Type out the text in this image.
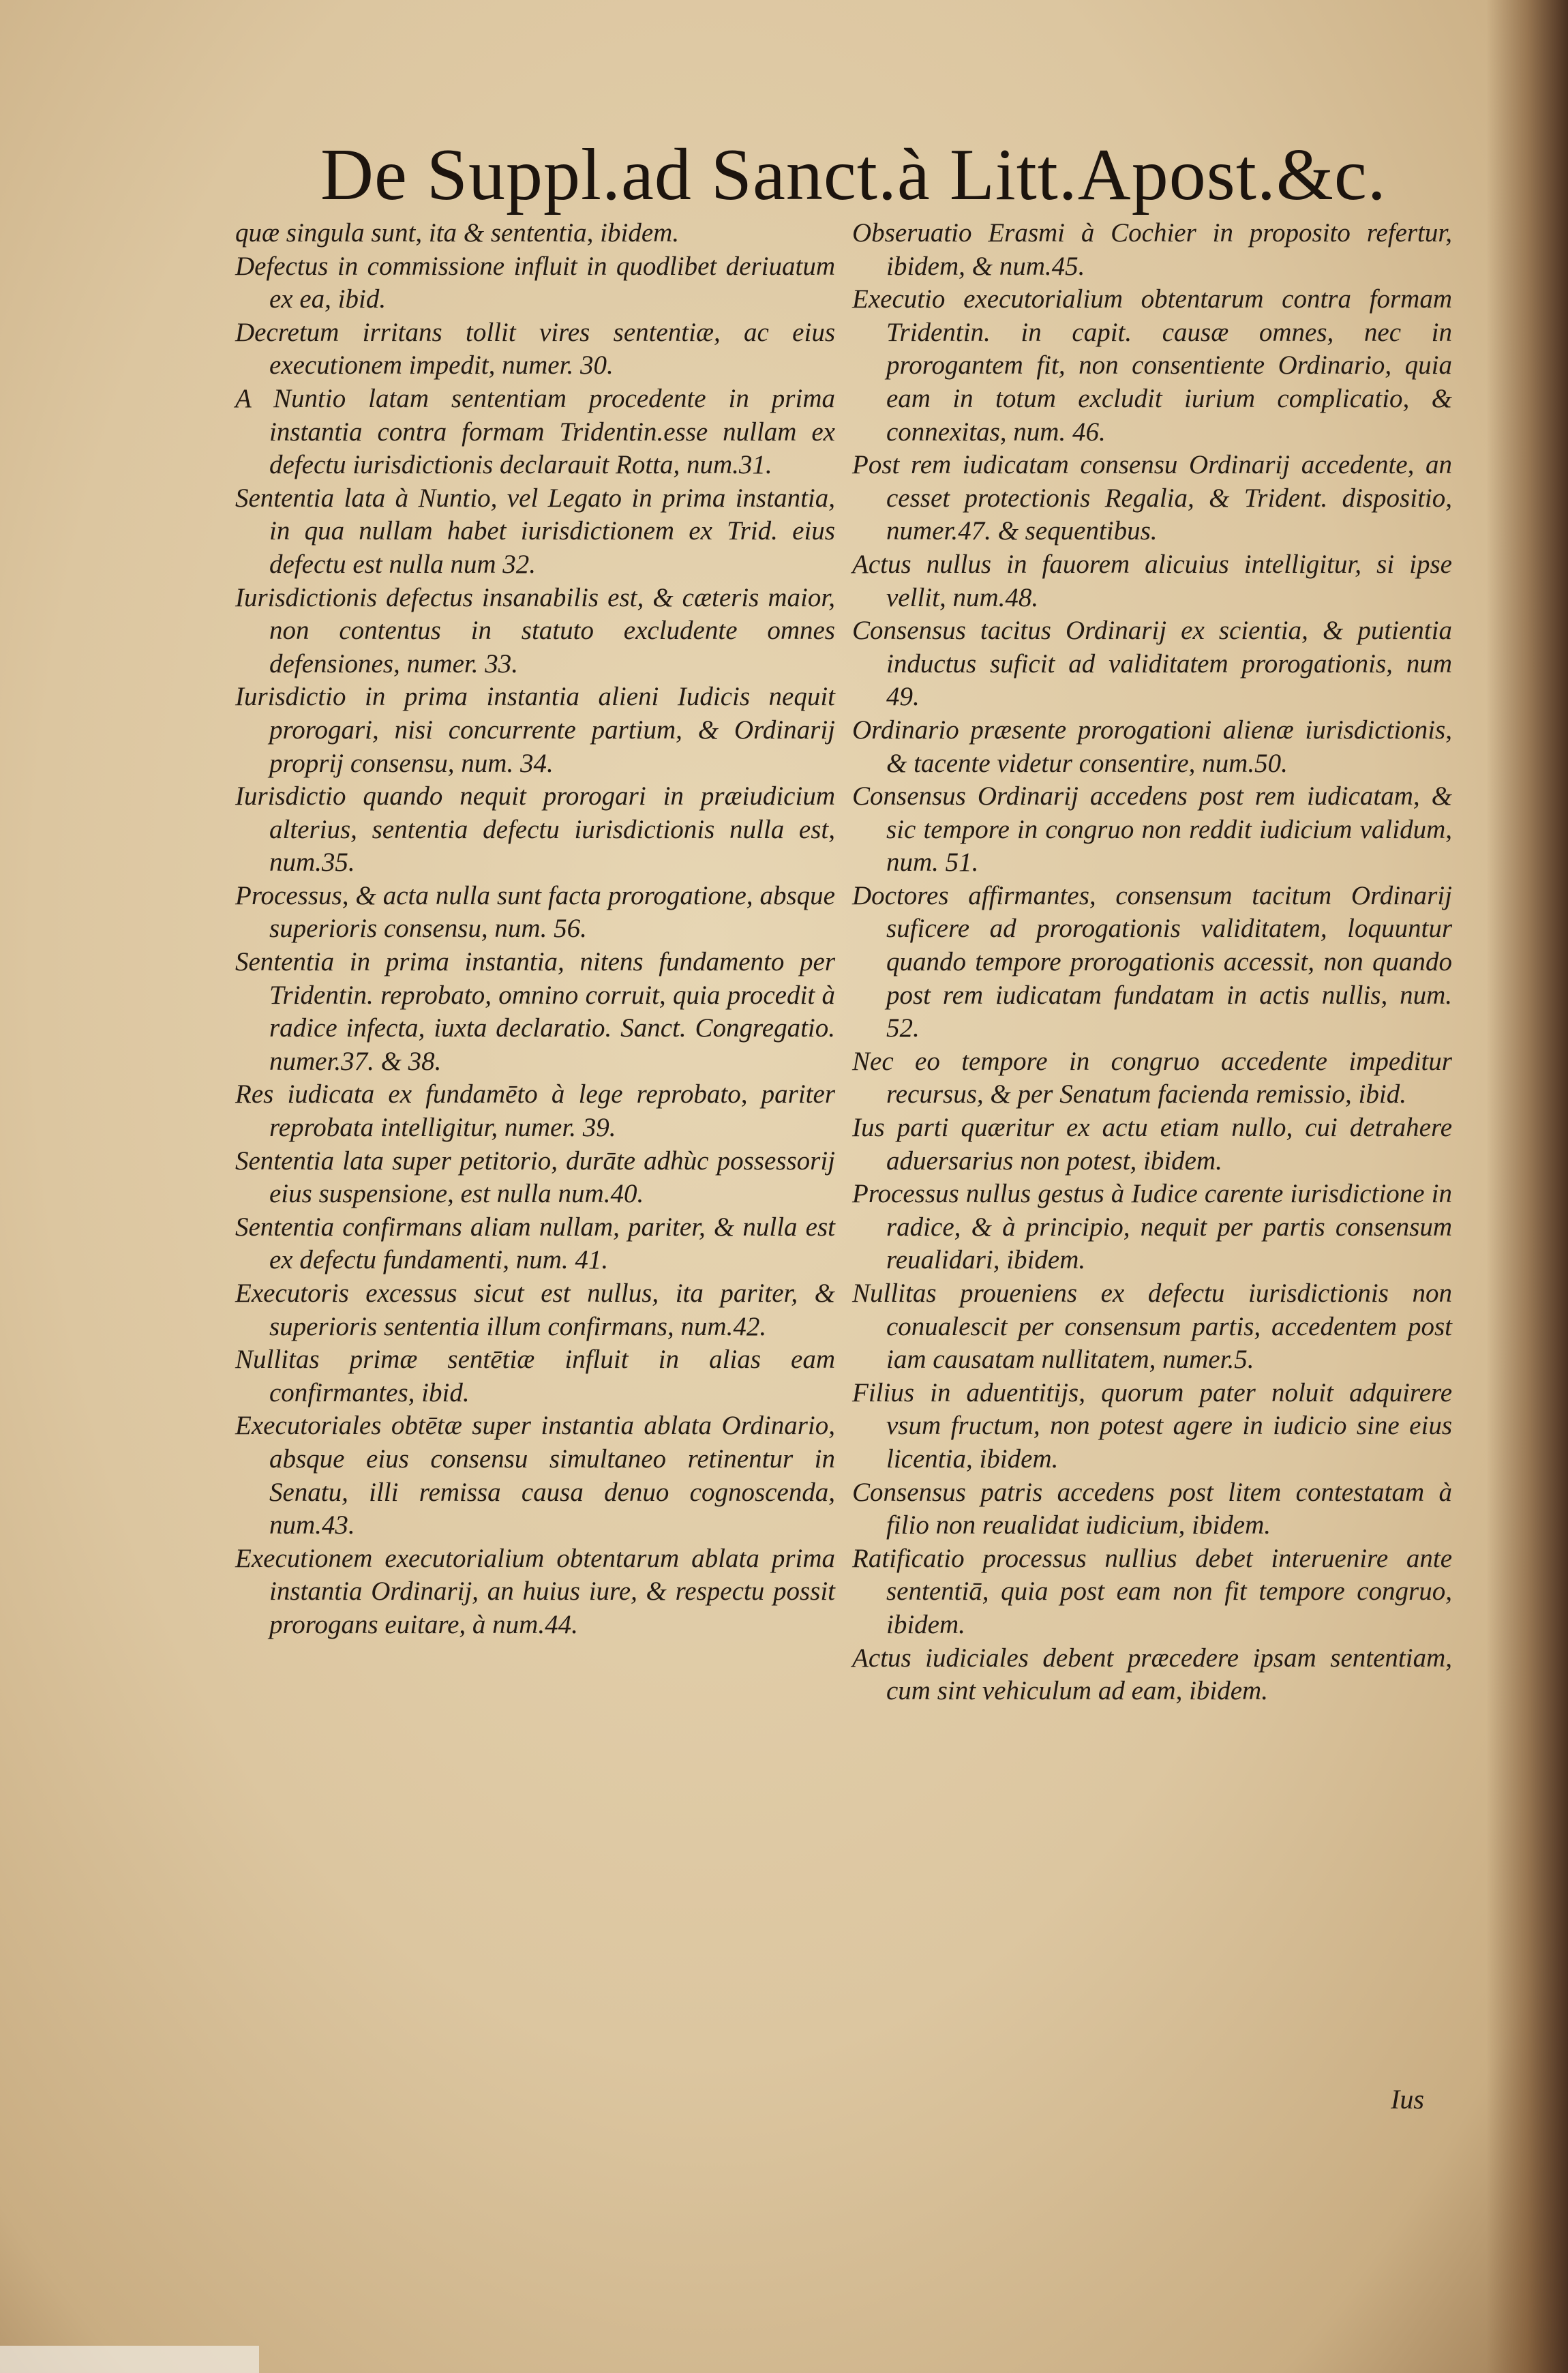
De Suppl.ad Sanct.à Litt.Apost.&c.

quæ singula sunt, ita & sententia, ibidem.

Defectus in commissione influit in quodlibet deriuatum ex ea, ibid.

Decretum irritans tollit vires sententiæ, ac eius executionem impedit, numer. 30.

A Nuntio latam sententiam procedente in prima instantia contra formam Tridentin.esse nullam ex defectu iurisdictionis declarauit Rotta, num.31.

Sententia lata à Nuntio, vel Legato in prima instantia, in qua nullam habet iurisdictionem ex Trid. eius defectu est nulla num 32.

Iurisdictionis defectus insanabilis est, & cæteris maior, non contentus in statuto excludente omnes defensiones, numer. 33.

Iurisdictio in prima instantia alieni Iudicis nequit prorogari, nisi concurrente partium, & Ordinarij proprij consensu, num. 34.

Iurisdictio quando nequit prorogari in præiudicium alterius, sententia defectu iurisdictionis nulla est, num.35.

Processus, & acta nulla sunt facta prorogatione, absque superioris consensu, num. 56.

Sententia in prima instantia, nitens fundamento per Tridentin. reprobato, omnino corruit, quia procedit à radice infecta, iuxta declaratio. Sanct. Congregatio. numer.37. & 38.

Res iudicata ex fundamēto à lege reprobato, pariter reprobata intelligitur, numer. 39.

Sententia lata super petitorio, durāte adhùc possessorij eius suspensione, est nulla num.40.

Sententia confirmans aliam nullam, pariter, & nulla est ex defectu fundamenti, num. 41.

Executoris excessus sicut est nullus, ita pariter, & superioris sententia illum confirmans, num.42.

Nullitas primæ sentētiæ influit in alias eam confirmantes, ibid.

Executoriales obtētæ super instantia ablata Ordinario, absque eius consensu simultaneo retinentur in Senatu, illi remissa causa denuo cognoscenda, num.43.

Executionem executorialium obtentarum ablata prima instantia Ordinarij, an huius iure, & respectu possit prorogans euitare, à num.44.

Obseruatio Erasmi à Cochier in proposito refertur, ibidem, & num.45.

Executio executorialium obtentarum contra formam Tridentin. in capit. causæ omnes, nec in prorogantem fit, non consentiente Ordinario, quia eam in totum excludit iurium complicatio, & connexitas, num. 46.

Post rem iudicatam consensu Ordinarij accedente, an cesset protectionis Regalia, & Trident. dispositio, numer.47. & sequentibus.

Actus nullus in fauorem alicuius intelligitur, si ipse vellit, num.48.

Consensus tacitus Ordinarij ex scientia, & putientia inductus suficit ad validitatem prorogationis, num 49.

Ordinario præsente prorogationi alienæ iurisdictionis, & tacente videtur consentire, num.50.

Consensus Ordinarij accedens post rem iudicatam, & sic tempore in congruo non reddit iudicium validum, num. 51.

Doctores affirmantes, consensum tacitum Ordinarij suficere ad prorogationis validitatem, loquuntur quando tempore prorogationis accessit, non quando post rem iudicatam fundatam in actis nullis, num. 52.

Nec eo tempore in congruo accedente impeditur recursus, & per Senatum facienda remissio, ibid.

Ius parti quæritur ex actu etiam nullo, cui detrahere aduersarius non potest, ibidem.

Processus nullus gestus à Iudice carente iurisdictione in radice, & à principio, nequit per partis consensum reualidari, ibidem.

Nullitas proueniens ex defectu iurisdictionis non conualescit per consensum partis, accedentem post iam causatam nullitatem, numer.5.

Filius in aduentitijs, quorum pater noluit adquirere vsum fructum, non potest agere in iudicio sine eius licentia, ibidem.

Consensus patris accedens post litem contestatam à filio non reualidat iudicium, ibidem.

Ratificatio processus nullius debet interuenire ante sententiā, quia post eam non fit tempore congruo, ibidem.

Actus iudiciales debent præcedere ipsam sententiam, cum sint vehiculum ad eam, ibidem.

Ius
